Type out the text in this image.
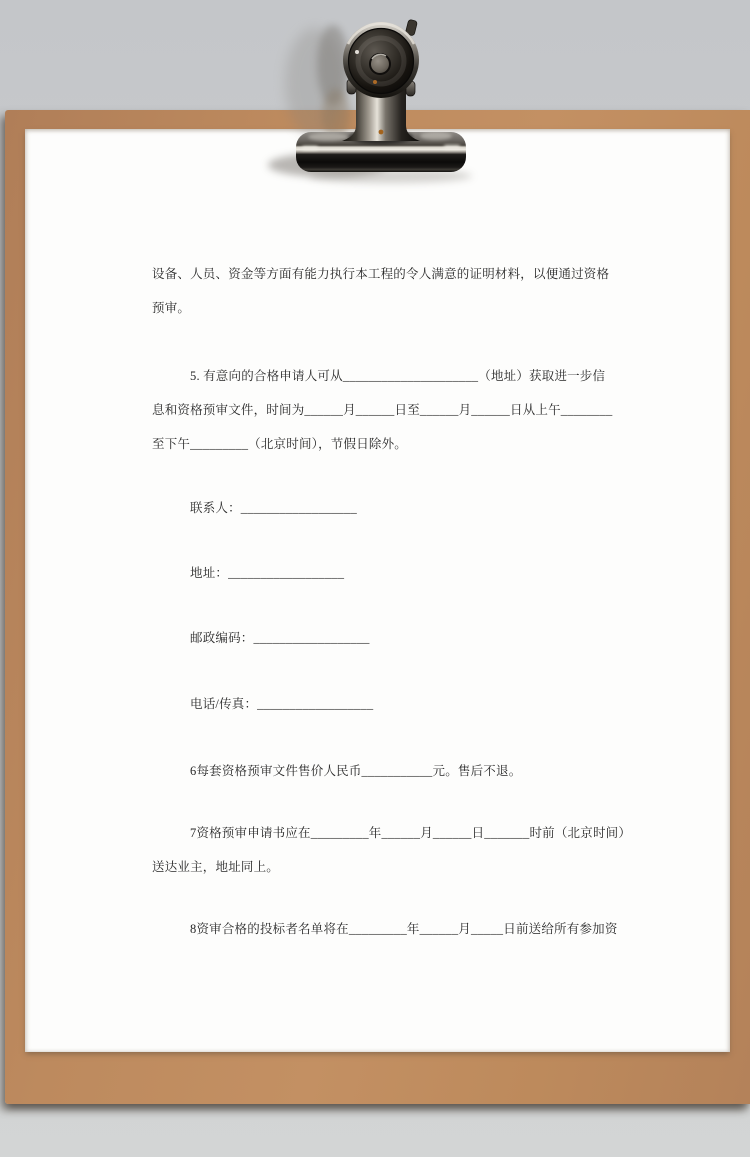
设备、人员、资金等方面有能力执行本工程的令人满意的证明材料，以便通过资格
预审。
5. 有意向的合格申请人可从_____________________（地址）获取进一步信
息和资格预审文件，时间为______月______日至______月______日从上午________
至下午_________（北京时间），节假日除外。
联系人：__________________
地址：__________________
邮政编码：__________________
电话/传真：__________________
6每套资格预审文件售价人民币___________元。售后不退。
7资格预审申请书应在_________年______月______日_______时前（北京时间）
送达业主，地址同上。
8资审合格的投标者名单将在_________年______月_____日前送给所有参加资
